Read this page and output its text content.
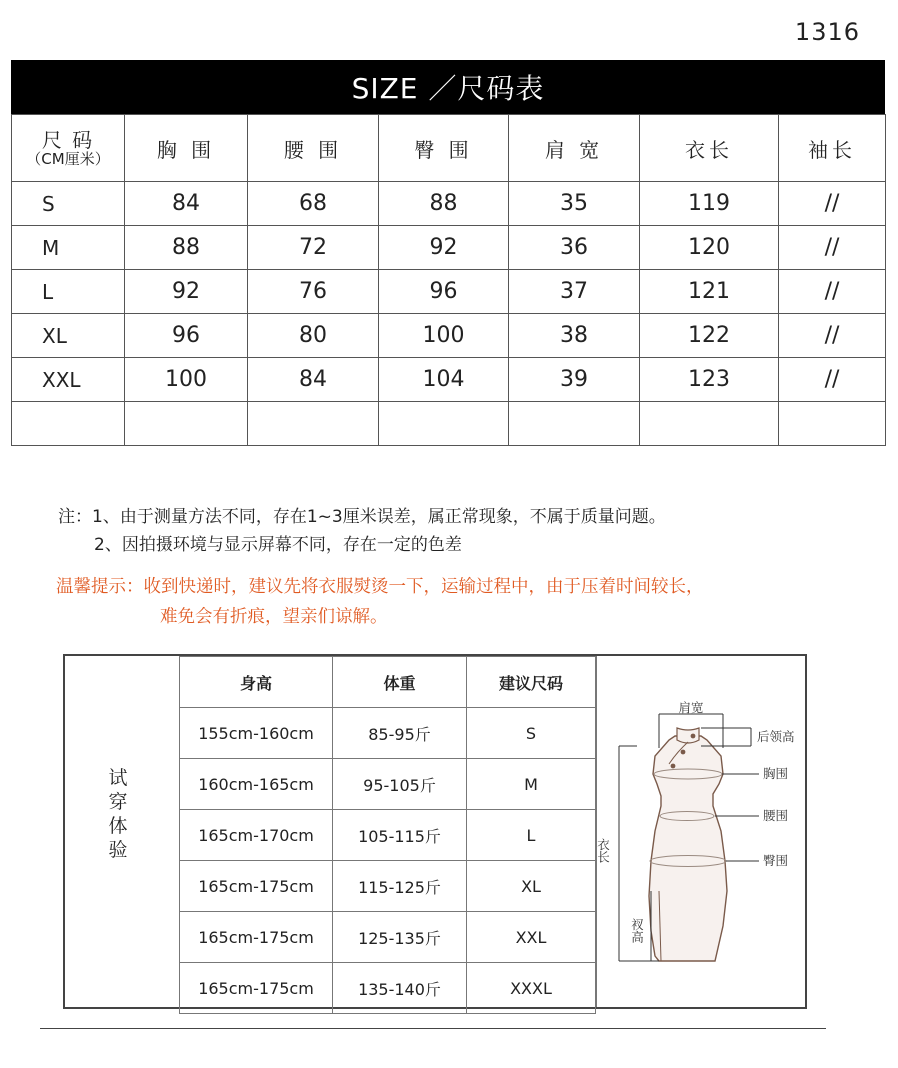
1316
SIZE ／尺码表
尺 码
（CM厘米）	胸 围	腰 围	臀 围	肩 宽	衣长	袖长
S	84	68	88	35	119	//
M	88	72	92	36	120	//
L	92	76	96	37	121	//
XL	96	80	100	38	122	//
XXL	100	84	104	39	123	//

注：1、由于测量方法不同，存在1~3厘米误差，属正常现象，不属于质量问题。
2、因拍摄环境与显示屏幕不同，存在一定的色差
温馨提示：收到快递时，建议先将衣服熨烫一下，运输过程中，由于压着时间较长，
难免会有折痕，望亲们谅解。
试
穿
体
验
身高	体重	建议尺码
155cm-160cm	85-95斤	S
160cm-165cm	95-105斤	M
165cm-170cm	105-115斤	L
165cm-175cm	115-125斤	XL
165cm-175cm	125-135斤	XXL
165cm-175cm	135-140斤	XXXL
肩宽
后领高
胸围
腰围
臀围
衣长
衩高
